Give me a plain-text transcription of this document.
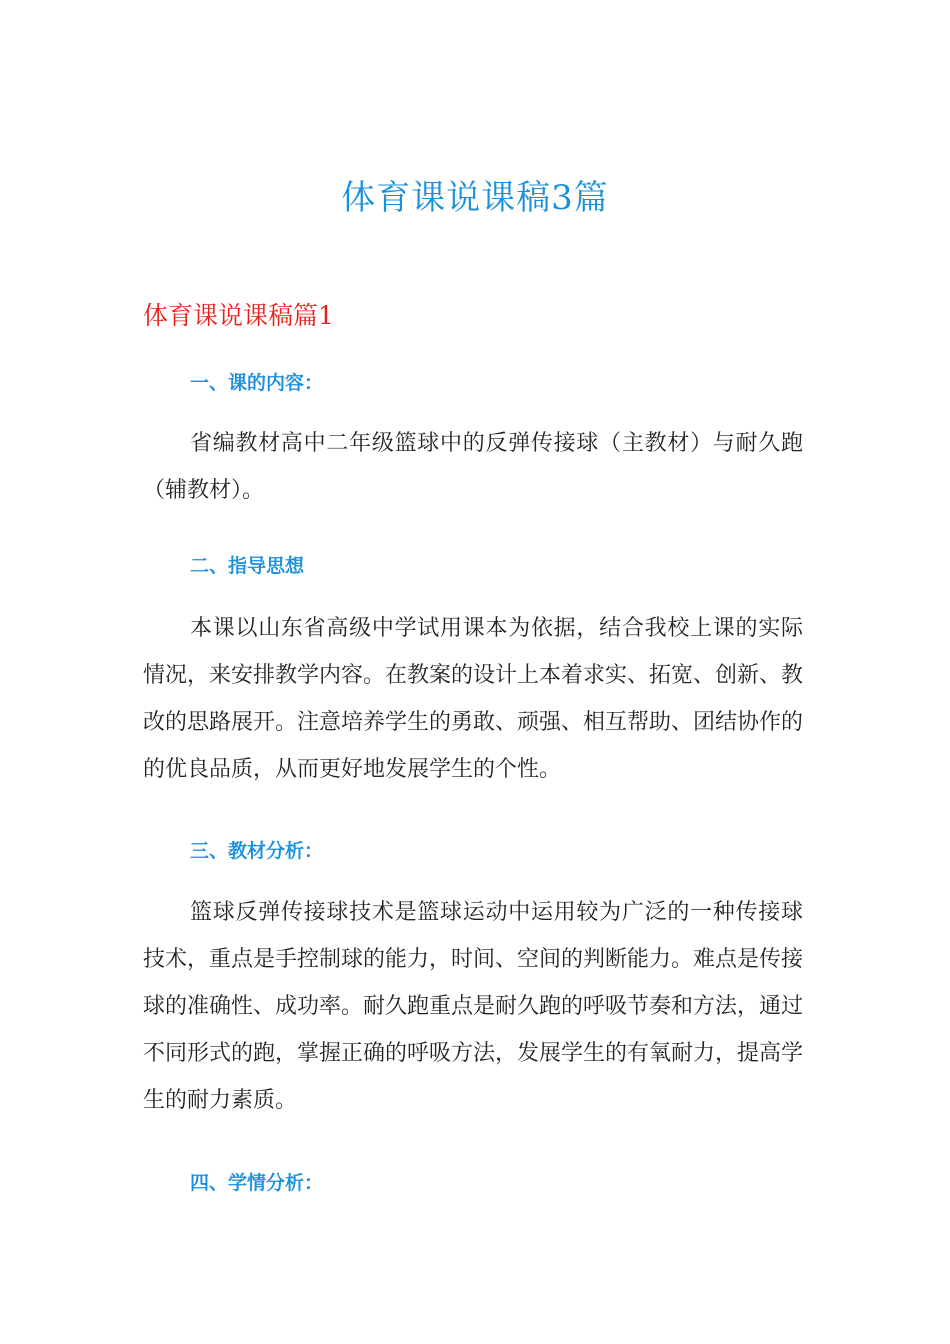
体育课说课稿3篇
体育课说课稿篇1
一、课的内容：

省编教材高中二年级篮球中的反弹传接球（主教材）与耐久跑（辅教材）。

二、指导思想

本课以山东省高级中学试用课本为依据，结合我校上课的实际情况，来安排教学内容。在教案的设计上本着求实、拓宽、创新、教改的思路展开。注意培养学生的勇敢、顽强、相互帮助、团结协作的的优良品质，从而更好地发展学生的个性。

三、教材分析：

篮球反弹传接球技术是篮球运动中运用较为广泛的一种传接球技术，重点是手控制球的能力，时间、空间的判断能力。难点是传接球的准确性、成功率。耐久跑重点是耐久跑的呼吸节奏和方法，通过不同形式的跑，掌握正确的呼吸方法，发展学生的有氧耐力，提高学生的耐力素质。

四、学情分析：
